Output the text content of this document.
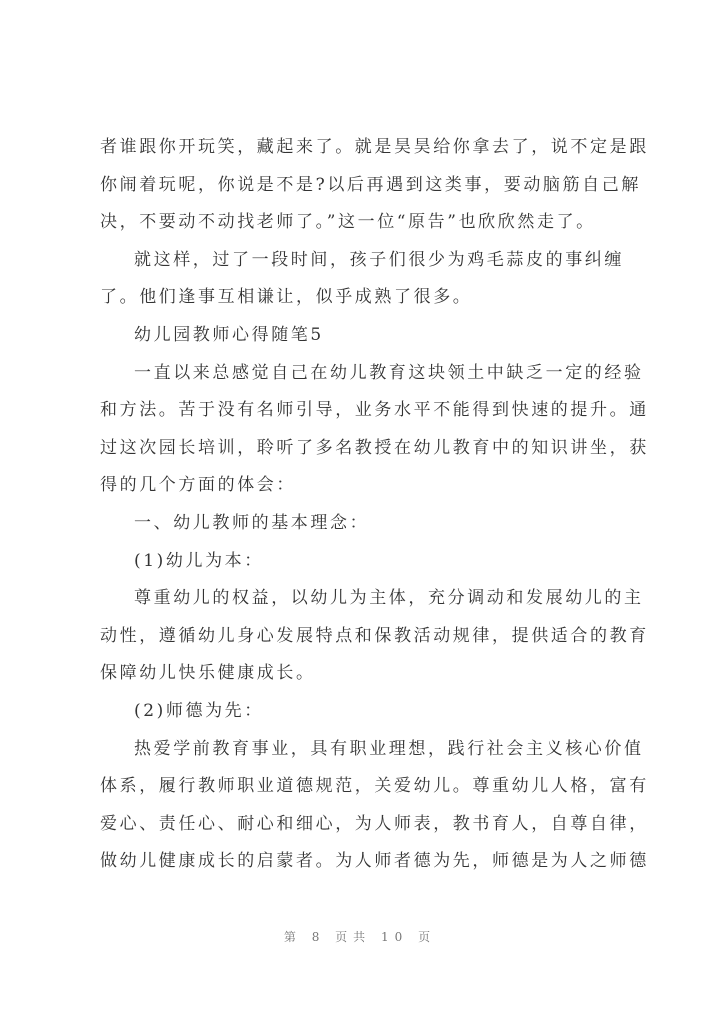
者谁跟你开玩笑，藏起来了。就是昊昊给你拿去了，说不定是跟
你闹着玩呢，你说是不是?以后再遇到这类事，要动脑筋自己解
决，不要动不动找老师了。”这一位“原告”也欣欣然走了。
就这样，过了一段时间，孩子们很少为鸡毛蒜皮的事纠缠
了。他们逢事互相谦让，似乎成熟了很多。
幼儿园教师心得随笔5
一直以来总感觉自己在幼儿教育这块领土中缺乏一定的经验
和方法。苦于没有名师引导，业务水平不能得到快速的提升。通
过这次园长培训，聆听了多名教授在幼儿教育中的知识讲坐，获
得的几个方面的体会：
一、幼儿教师的基本理念：
(1)幼儿为本：
尊重幼儿的权益，以幼儿为主体，充分调动和发展幼儿的主
动性，遵循幼儿身心发展特点和保教活动规律，提供适合的教育
保障幼儿快乐健康成长。
(2)师德为先：
热爱学前教育事业，具有职业理想，践行社会主义核心价值
体系，履行教师职业道德规范，关爱幼儿。尊重幼儿人格，富有
爱心、责任心、耐心和细心，为人师表，教书育人，自尊自律，
做幼儿健康成长的启蒙者。为人师者德为先，师德是为人之师德
第 8 页共 10 页
